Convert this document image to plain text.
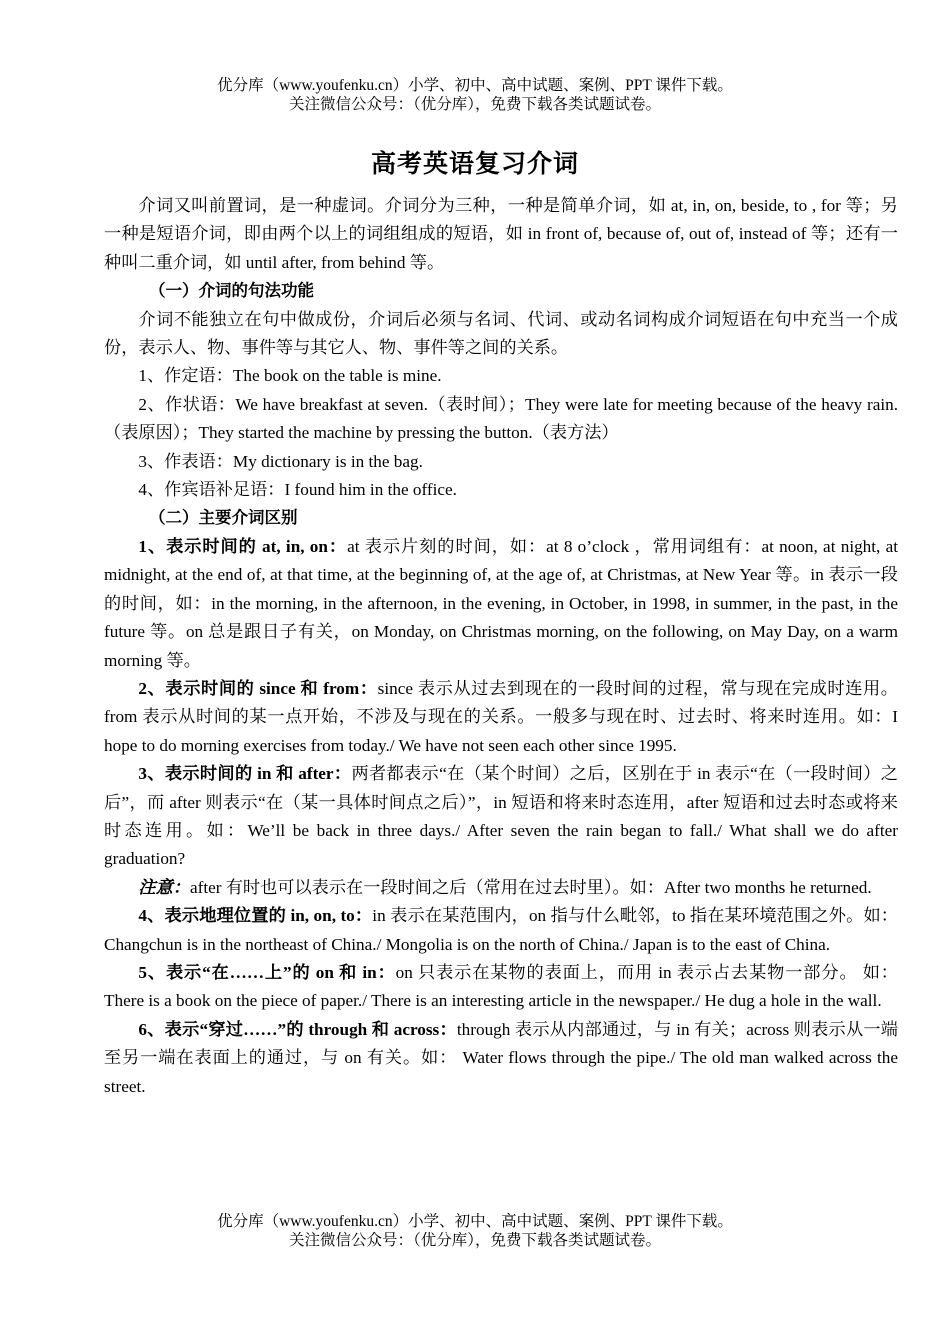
优分库（www.youfenku.cn）小学、初中、高中试题、案例、PPT 课件下载。
关注微信公众号：（优分库），免费下载各类试题试卷。
高考英语复习介词

介词又叫前置词，是一种虚词。介词分为三种，一种是简单介词，如 at, in, on, beside, to , for 等；另一种是短语介词，即由两个以上的词组组成的短语，如 in front of, because of, out of, instead of 等；还有一种叫二重介词，如 until after, from behind 等。

（一）介词的句法功能

介词不能独立在句中做成份，介词后必须与名词、代词、或动名词构成介词短语在句中充当一个成份，表示人、物、事件等与其它人、物、事件等之间的关系。

1、作定语：The book on the table is mine.

2、作状语：We have breakfast at seven.（表时间）；They were late for meeting because of the heavy rain.（表原因）；They started the machine by pressing the button.（表方法）

3、作表语：My dictionary is in the bag.

4、作宾语补足语：I found him in the office.

（二）主要介词区别

1、表示时间的 at, in, on：at 表示片刻的时间，如：at 8 o’clock ，常用词组有：at noon, at night, at midnight, at the end of, at that time, at the beginning of, at the age of, at Christmas, at New Year 等。in 表示一段的时间，如：in the morning, in the afternoon, in the evening, in October, in 1998, in summer, in the past, in the future 等。on 总是跟日子有关，on Monday, on Christmas morning, on the following, on May Day, on a warm morning 等。

2、表示时间的 since 和 from：since 表示从过去到现在的一段时间的过程，常与现在完成时连用。from 表示从时间的某一点开始，不涉及与现在的关系。一般多与现在时、过去时、将来时连用。如：I hope to do morning exercises from today./ We have not seen each other since 1995.

3、表示时间的 in 和 after：两者都表示“在（某个时间）之后，区别在于 in 表示“在（一段时间）之后”，而 after 则表示“在（某一具体时间点之后）”，in 短语和将来时态连用，after 短语和过去时态或将来时态连用。如：We’ll be back in three days./ After seven the rain began to fall./ What shall we do after graduation?

注意：after 有时也可以表示在一段时间之后（常用在过去时里）。如：After two months he returned.

4、表示地理位置的 in, on, to：in 表示在某范围内，on 指与什么毗邻，to 指在某环境范围之外。如：Changchun is in the northeast of China./ Mongolia is on the north of China./ Japan is to the east of China.

5、表示“在……上”的 on 和 in：on 只表示在某物的表面上，而用 in 表示占去某物一部分。 如：There is a book on the piece of paper./ There is an interesting article in the newspaper./ He dug a hole in the wall.

6、表示“穿过……”的 through 和 across：through 表示从内部通过，与 in 有关；across 则表示从一端至另一端在表面上的通过，与 on 有关。如： Water flows through the pipe./ The old man walked across the street.

优分库（www.youfenku.cn）小学、初中、高中试题、案例、PPT 课件下载。
关注微信公众号：（优分库），免费下载各类试题试卷。
